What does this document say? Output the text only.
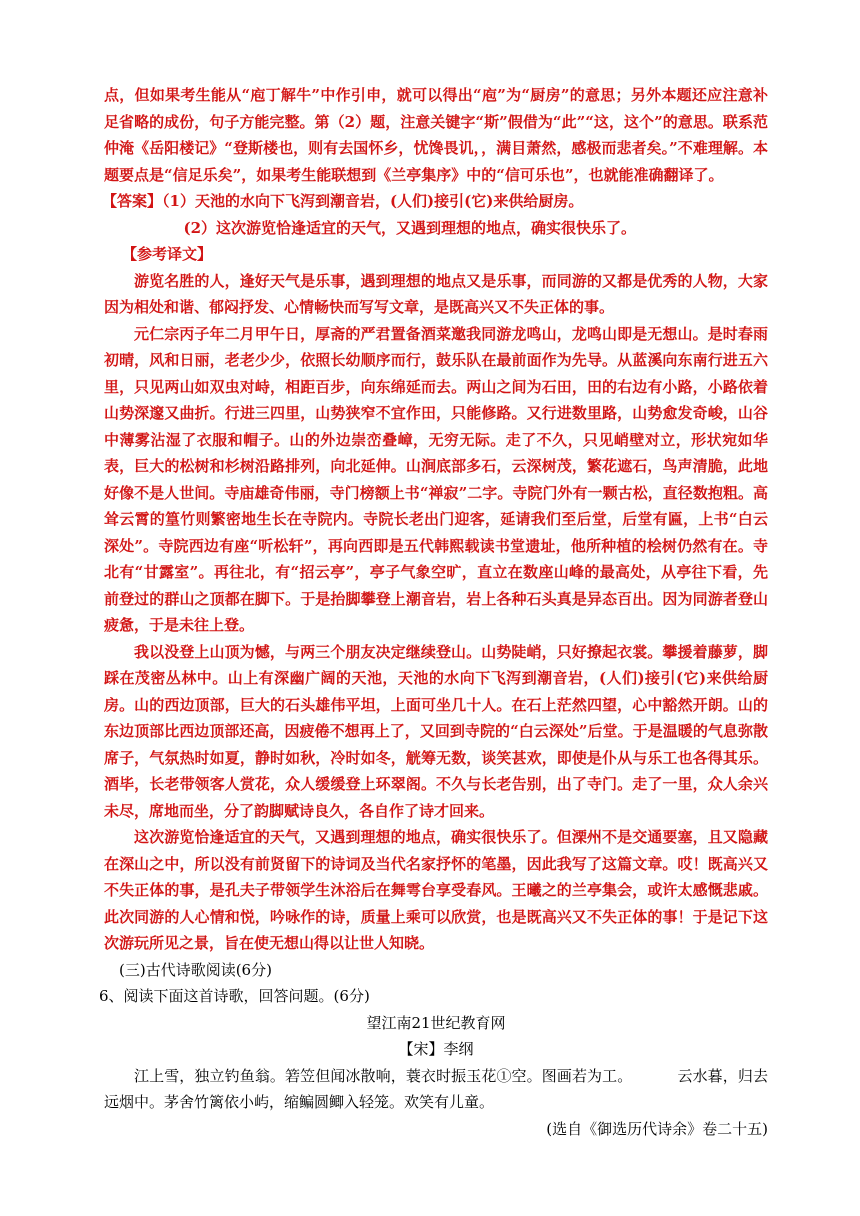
点，但如果考生能从“庖丁解牛”中作引申，就可以得出“庖”为“厨房”的意思；另外本题还应注意补足省略的成份，句子方能完整。第（2）题，注意关键字“斯”假借为“此”“这，这个”的意思。联系范仲淹《岳阳楼记》“登斯楼也，则有去国怀乡，忧馋畏讥，，满目萧然，感极而悲者矣。”不难理解。本题要点是“信足乐矣”，如果考生能联想到《兰亭集序》中的“信可乐也”，也就能准确翻译了。

【答案】（1）天池的水向下飞泻到潮音岩，(人们)接引(它)来供给厨房。

(2）这次游览恰逢适宜的天气，又遇到理想的地点，确实很快乐了。

【参考译文】

游览名胜的人，逢好天气是乐事，遇到理想的地点又是乐事，而同游的又都是优秀的人物，大家因为相处和谐、郁闷抒发、心情畅快而写写文章，是既高兴又不失正体的事。

元仁宗丙子年二月甲午日，厚斋的严君置备酒菜邀我同游龙鸣山，龙鸣山即是无想山。是时春雨初晴，风和日丽，老老少少，依照长幼顺序而行，鼓乐队在最前面作为先导。从蓝溪向东南行进五六里，只见两山如双虫对峙，相距百步，向东绵延而去。两山之间为石田，田的右边有小路，小路依着山势深邃又曲折。行进三四里，山势狭窄不宜作田，只能修路。又行进数里路，山势愈发奇峻，山谷中薄雾沾湿了衣服和帽子。山的外边崇峦叠嶂，无穷无际。走了不久，只见峭壁对立，形状宛如华表，巨大的松树和杉树沿路排列，向北延伸。山涧底部多石，云深树茂，繁花遮石，鸟声清脆，此地好像不是人世间。寺庙雄奇伟丽，寺门榜额上书“禅寂”二字。寺院门外有一颗古松，直径数抱粗。高耸云霄的篁竹则繁密地生长在寺院内。寺院长老出门迎客，延请我们至后堂，后堂有匾，上书“白云深处”。寺院西边有座“听松轩”，再向西即是五代韩熙载读书堂遗址，他所种植的桧树仍然有在。寺北有“甘露室”。再往北，有“招云亭”，亭子气象空旷，直立在数座山峰的最高处，从亭往下看，先前登过的群山之顶都在脚下。于是抬脚攀登上潮音岩，岩上各种石头真是异态百出。因为同游者登山疲惫，于是未往上登。

我以没登上山顶为憾，与两三个朋友决定继续登山。山势陡峭，只好撩起衣裳。攀援着藤萝，脚踩在茂密丛林中。山上有深幽广阔的天池，天池的水向下飞泻到潮音岩，(人们)接引(它)来供给厨房。山的西边顶部，巨大的石头雄伟平坦，上面可坐几十人。在石上茫然四望，心中豁然开朗。山的东边顶部比西边顶部还高，因疲倦不想再上了，又回到寺院的“白云深处”后堂。于是温暖的气息弥散席子，气氛热时如夏，静时如秋，冷时如冬，觥筹无数，谈笑甚欢，即使是仆从与乐工也各得其乐。酒毕，长老带领客人赏花，众人缓缓登上环翠阁。不久与长老告别，出了寺门。走了一里，众人余兴未尽，席地而坐，分了韵脚赋诗良久，各自作了诗才回来。

这次游览恰逢适宜的天气，又遇到理想的地点，确实很快乐了。但溧州不是交通要塞，且又隐藏在深山之中，所以没有前贤留下的诗词及当代名家抒怀的笔墨，因此我写了这篇文章。哎！既高兴又不失正体的事，是孔夫子带领学生沐浴后在舞雩台享受春风。王曦之的兰亭集会，或许太感慨悲戚。此次同游的人心情和悦，吟咏作的诗，质量上乘可以欣赏，也是既高兴又不失正体的事！于是记下这次游玩所见之景，旨在使无想山得以让世人知晓。

(三)古代诗歌阅读(6分)

6、阅读下面这首诗歌，回答问题。(6分)

望江南21世纪教育网

【宋】李纲

江上雪，独立钓鱼翁。箬笠但闻冰散响，蓑衣时振玉花①空。图画若为工。	云水暮，归去远烟中。茅舍竹篱依小屿，缩鳊圆鲫入轻笼。欢笑有儿童。

(选自《御选历代诗余》卷二十五)
